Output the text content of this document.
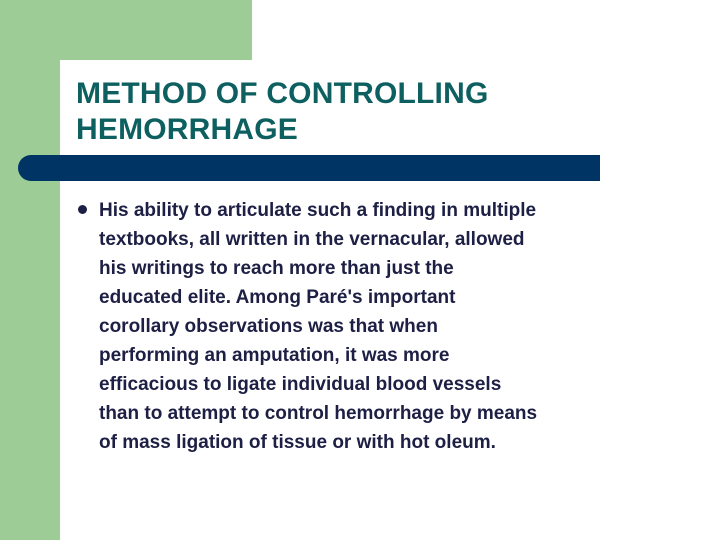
METHOD OF CONTROLLING
HEMORRHAGE
His ability to articulate such a finding in multiple
textbooks, all written in the vernacular, allowed
his writings to reach more than just the
educated elite. Among Paré's important
corollary observations was that when
performing an amputation, it was more
efficacious to ligate individual blood vessels
than to attempt to control hemorrhage by means
of mass ligation of tissue or with hot oleum.
